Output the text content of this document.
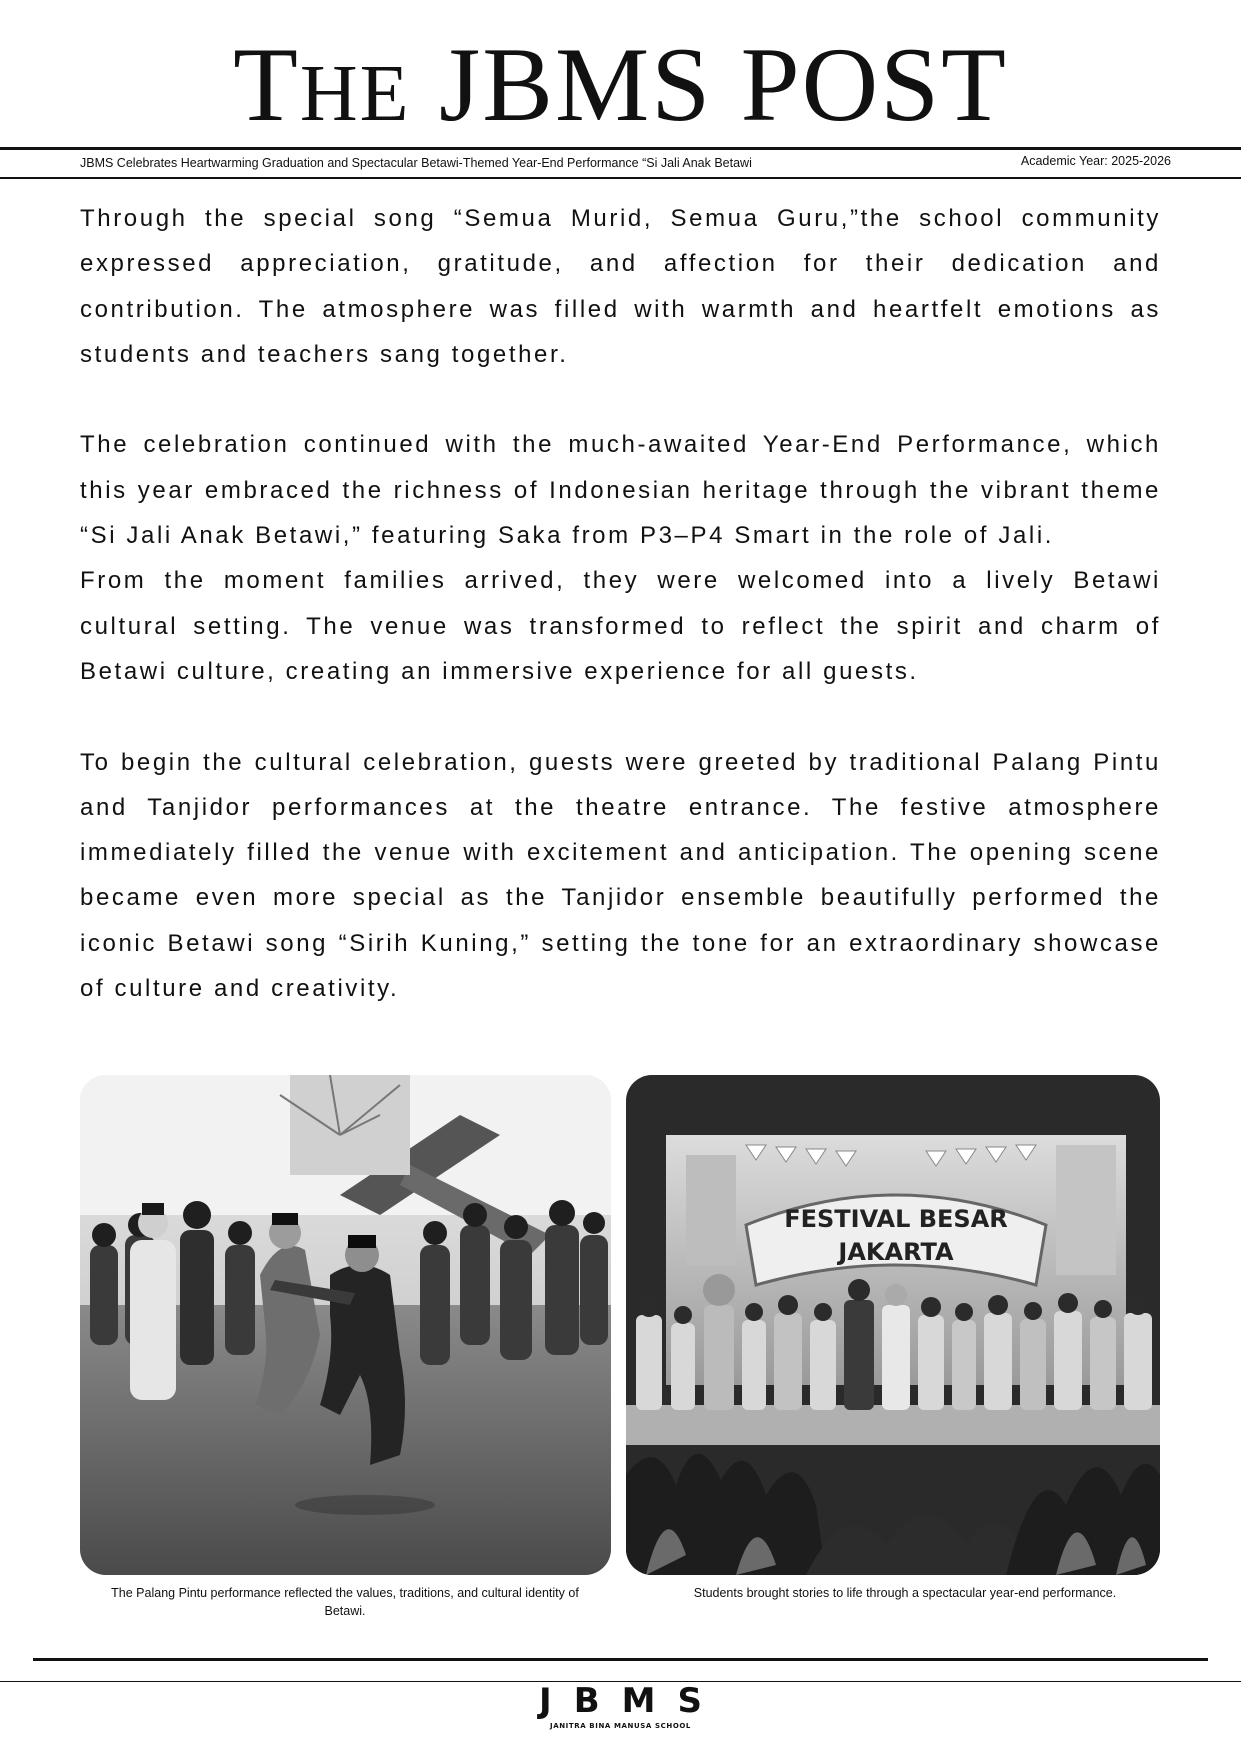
THE JBMS POST
JBMS Celebrates Heartwarming Graduation and Spectacular Betawi-Themed Year-End Performance “Si Jali Anak Betawi	Academic Year: 2025-2026

Through the special song “Semua Murid, Semua Guru,”the school community expressed appreciation, gratitude, and affection for their dedication and contribution. The atmosphere was filled with warmth and heartfelt emotions as students and teachers sang together.

The celebration continued with the much-awaited Year-End Performance, which this year embraced the richness of Indonesian heritage through the vibrant theme “Si Jali Anak Betawi,” featuring Saka from P3–P4 Smart in the role of Jali.

From the moment families arrived, they were welcomed into a lively Betawi cultural setting. The venue was transformed to reflect the spirit and charm of Betawi culture, creating an immersive experience for all guests.

To begin the cultural celebration, guests were greeted by traditional Palang Pintu and Tanjidor performances at the theatre entrance. The festive atmosphere immediately filled the venue with excitement and anticipation. The opening scene became even more special as the Tanjidor ensemble beautifully performed the iconic Betawi song “Sirih Kuning,” setting the tone for an extraordinary showcase of culture and creativity.

FESTIVAL BESAR
JAKARTA
The Palang Pintu performance reflected the values, traditions, and cultural identity of Betawi.
Students brought stories to life through a spectacular year-end performance.
JBMS
JANITRA BINA MANUSA SCHOOL
